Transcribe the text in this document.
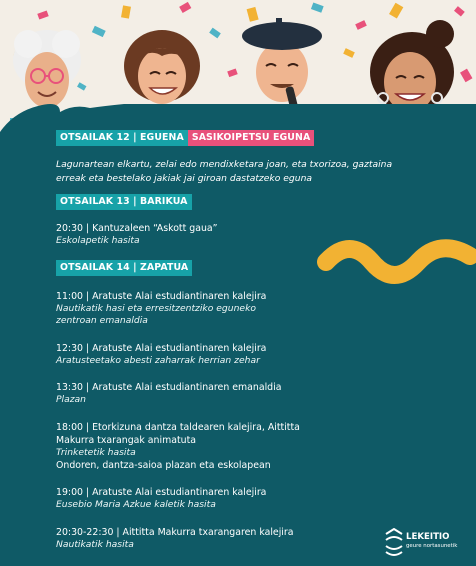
OTSAILAK 12 | EGUENA SASIKOIPETSU EGUNA
Lagunartean elkartu, zelai edo mendixketara joan, eta txorizoa, gaztaina erreak eta bestelako jakiak jai giroan dastatzeko eguna
OTSAILAK 13 | BARIKUA
20:30 | Kantuzaleen “Askott gaua”
Eskolapetik hasita
OTSAILAK 14 | ZAPATUA
11:00 | Aratuste Alai estudiantinaren kalejira
Nautikatik hasi eta erresitzentziko eguneko zentroan emanaldia
12:30 | Aratuste Alai estudiantinaren kalejira
Aratusteetako abesti zaharrak herrian zehar
13:30 | Aratuste Alai estudiantinaren emanaldia
Plazan
18:00 | Etorkizuna dantza taldearen kalejira, Aittitta Makurra txarangak animatuta
Trinketetik hasita
Ondoren, dantza-saioa plazan eta eskolapean
19:00 | Aratuste Alai estudiantinaren kalejira
Eusebio Maria Azkue kaletik hasita
20:30-22:30 | Aittitta Makurra txarangaren kalejira
Nautikatik hasita
LEKEITIO
geure nortasunetik
